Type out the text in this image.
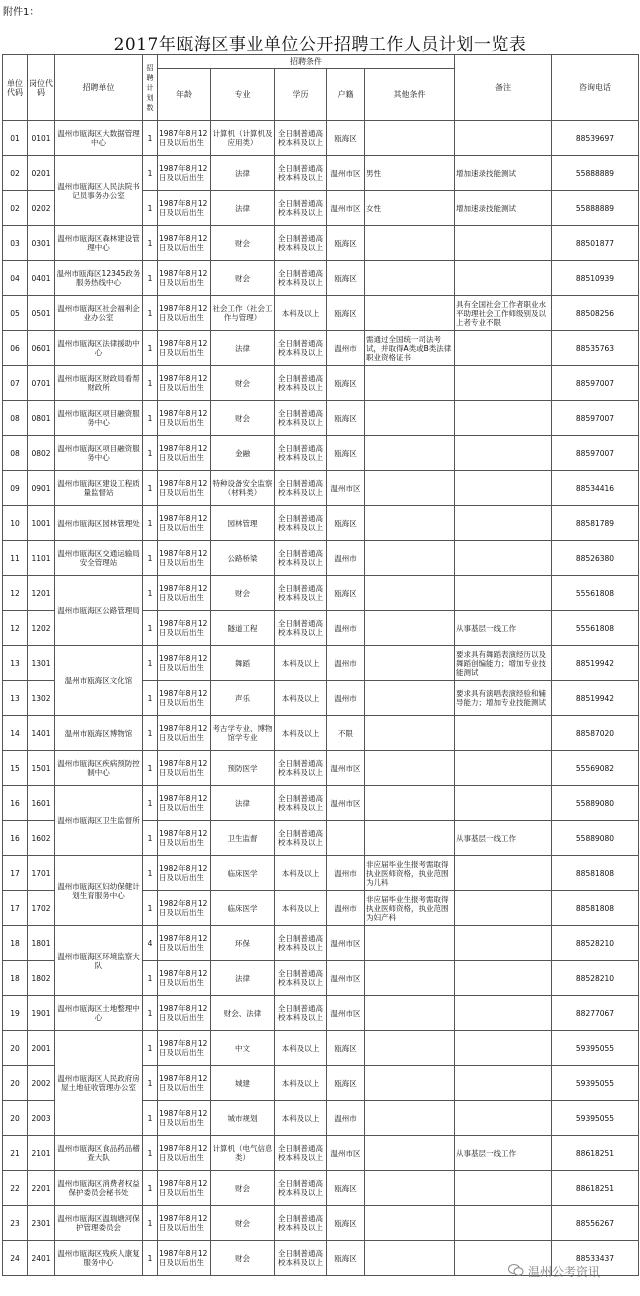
附件1：
2017年瓯海区事业单位公开招聘工作人员计划一览表
单位代码	岗位代码	招聘单位	招聘计划数	招聘条件					备注	咨询电话
				年龄	专业	学历	户籍	其他条件		
01	0101	温州市瓯海区大数据管理中心	1	1987年8月12日及以后出生	计算机（计算机及应用类）	全日制普通高校本科及以上	瓯海区			88539697
02	0201	温州市瓯海区人民法院书记员事务办公室	1	1987年8月12日及以后出生	法律	全日制普通高校本科及以上	温州市区	男性	增加速录技能测试	55888889
02	0202		1	1987年8月12日及以后出生	法律	全日制普通高校本科及以上	温州市区	女性	增加速录技能测试	55888889
03	0301	温州市瓯海区森林建设管理中心	1	1987年8月12日及以后出生	财会	全日制普通高校本科及以上	瓯海区			88501877
04	0401	温州市瓯海区12345政务服务热线中心	1	1987年8月12日及以后出生	财会	全日制普通高校本科及以上	瓯海区			88510939
05	0501	温州市瓯海区社会福利企业办公室	1	1987年8月12日及以后出生	社会工作（社会工作与管理）	本科及以上	瓯海区		具有全国社会工作者职业水平助理社会工作师级别及以上者专业不限	88508256
06	0601	温州市瓯海区法律援助中心	1	1987年8月12日及以后出生	法律	全日制普通高校本科及以上	温州市	需通过全国统一司法考试，并取得A类或B类法律职业资格证书		88535763
07	0701	温州市瓯海区财政局看帮财政所	1	1987年8月12日及以后出生	财会	全日制普通高校本科及以上	瓯海区			88597007
08	0801	温州市瓯海区项目融资服务中心	1	1987年8月12日及以后出生	财会	全日制普通高校本科及以上	瓯海区			88597007
08	0802	温州市瓯海区项目融资服务中心	1	1987年8月12日及以后出生	金融	全日制普通高校本科及以上	瓯海区			88597007
09	0901	温州市瓯海区建设工程质量监督站	1	1987年8月12日及以后出生	特种设备安全监察（材料类）	全日制普通高校本科及以上	温州市区			88534416
10	1001	温州市瓯海区园林管理处	1	1987年8月12日及以后出生	园林管理	全日制普通高校本科及以上	瓯海区			88581789
11	1101	温州市瓯海区交通运输局安全管理站	1	1987年8月12日及以后出生	公路桥梁	全日制普通高校本科及以上	温州市			88526380
12	1201	温州市瓯海区公路管理局	1	1987年8月12日及以后出生	财会	全日制普通高校本科及以上	瓯海区			55561808
12	1202		1	1987年8月12日及以后出生	隧道工程	全日制普通高校本科及以上	温州市		从事基层一线工作	55561808
13	1301	温州市瓯海区文化馆	1	1987年8月12日及以后出生	舞蹈	本科及以上	温州市		要求具有舞蹈表演经历以及舞蹈创编能力；增加专业技能测试	88519942
13	1302		1	1987年8月12日及以后出生	声乐	本科及以上	温州市		要求具有演唱表演经验和辅导能力；增加专业技能测试	88519942
14	1401	温州市瓯海区博物馆	1	1987年8月12日及以后出生	考古学专业、博物馆学专业	本科及以上	不限			88587020
15	1501	温州市瓯海区疾病预防控制中心	1	1987年8月12日及以后出生	预防医学	全日制普通高校本科及以上	温州市区			55569082
16	1601	温州市瓯海区卫生监督所	1	1987年8月12日及以后出生	法律	全日制普通高校本科及以上	温州市区			55889080
16	1602		1	1987年8月12日及以后出生	卫生监督	全日制普通高校本科及以上			从事基层一线工作	55889080
17	1701	温州市瓯海区妇幼保健计划生育服务中心	1	1982年8月12日及以后出生	临床医学	本科及以上	温州市	非应届毕业生报考需取得执业医师资格，执业范围为儿科		88581808
17	1702		1	1982年8月12日及以后出生	临床医学	本科及以上	温州市	非应届毕业生报考需取得执业医师资格，执业范围为妇产科		88581808
18	1801	温州市瓯海区环境监察大队	4	1987年8月12日及以后出生	环保	全日制普通高校本科及以上	温州市区			88528210
18	1802		1	1987年8月12日及以后出生	法律	全日制普通高校本科及以上	温州市区			88528210
19	1901	温州市瓯海区土地整理中心	1	1987年8月12日及以后出生	财会、法律	全日制普通高校本科及以上	温州市区			88277067
20	2001	温州市瓯海区人民政府房屋土地征收管理办公室	1	1987年8月12日及以后出生	中文	本科及以上	瓯海区			59395055
20	2002		1	1987年8月12日及以后出生	城建	本科及以上	瓯海区			59395055
20	2003		1	1987年8月12日及以后出生	城市规划	本科及以上	温州市			59395055
21	2101	温州市瓯海区食品药品稽查大队	1	1987年8月12日及以后出生	计算机（电气信息类）	全日制普通高校本科及以上	温州市区		从事基层一线工作	88618251
22	2201	温州市瓯海区消费者权益保护委员会秘书处	1	1987年8月12日及以后出生	财会	全日制普通高校本科及以上	瓯海区			88618251
23	2301	温州市瓯海区温瑞塘河保护管理委员会	1	1987年8月12日及以后出生	财会	全日制普通高校本科及以上	瓯海区			88556267
24	2401	温州市瓯海区残疾人康复服务中心	1	1987年8月12日及以后出生	财会	全日制普通高校本科及以上	瓯海区			88533437
温州公考资讯
